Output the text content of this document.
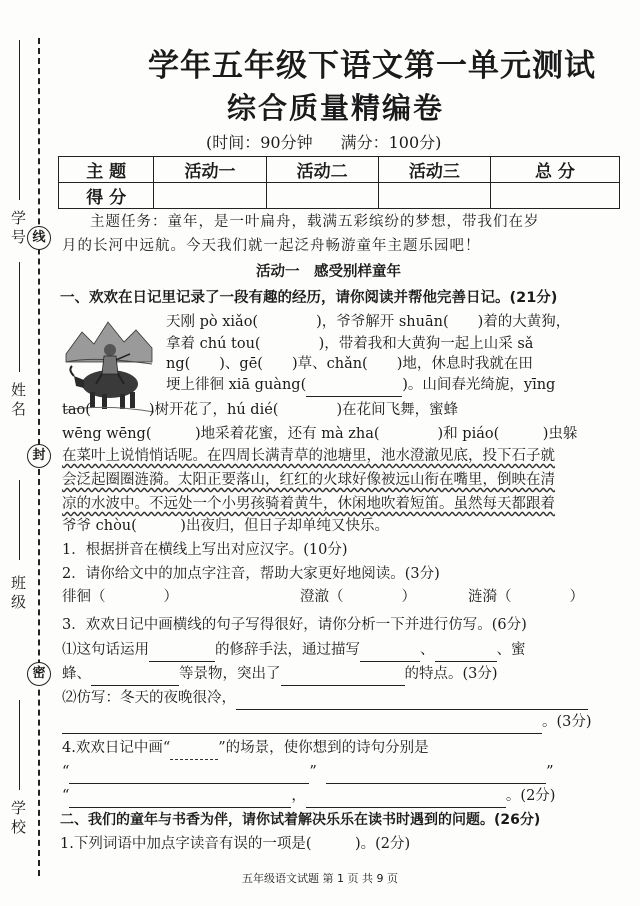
学号 线
姓名
封
班级
密
学校
学年五年级下语文第一单元测试
综合质量精编卷
(时间：90分钟 满分：100分)
主 题	活动一	活动二	活动三	总 分
得 分				
主题任务：童年，是一叶扁舟，载满五彩缤纷的梦想，带我们在岁
月的长河中远航。今天我们就一起泛舟畅游童年主题乐园吧！
活动一　感受别样童年
一、欢欢在日记里记录了一段有趣的经历，请你阅读并帮他完善日记。(21分)
天刚 pò xiǎo(　　　　)，爷爷解开 shuān(　　)着的大黄狗，
拿着 chú tou(　　　　)，带着我和大黄狗一起上山采 sǎ
ng(　　)、gē(　　)草、chǎn(　　)地，休息时我就在田
埂上徘徊 xiā guàng(	)。山间春光绮旎，yīng
tao(　　　　)树开花了，hú dié(　　　　)在花间飞舞，蜜蜂
wēng wēng(　　　)地采着花蜜，还有 mà zha(　　　　)和 piáo(　　　)虫躲
在菜叶上说悄悄话呢。在四周长满青草的池塘里，池水澄澈见底，投下石子就
会泛起圈圈涟漪。太阳正要落山，红红的火球好像被远山衔在嘴里，倒映在清
凉的水波中。不远处一个小男孩骑着黄牛，休闲地吹着短笛。虽然每天都跟着
爷爷 chòu(　　　)出夜归，但日子却单纯又快乐。
1．根据拼音在横线上写出对应汉字。(10分)
2．请你给文中的加点字注音，帮助大家更好地阅读。(3分)
徘徊（　　　　）	澄澈（　　　　）	涟漪（　　　　）
3．欢欢日记中画横线的句子写得很好，请你分析一下并进行仿写。(6分)
⑴这句话运用	的修辞手法，通过描写	、	、蜜
蜂、	等景物，突出了	的特点。(3分)
⑵仿写：冬天的夜晚很冷，
。(3分)
4.欢欢日记中画“	”的场景，使你想到的诗句分别是
“	”	”
“	，	。(2分)
二、我们的童年与书香为伴，请你试着解决乐乐在读书时遇到的问题。(26分)
1.下列词语中加点字读音有误的一项是(　　　)。(2分)
五年级语文试题 第 1 页 共 9 页
